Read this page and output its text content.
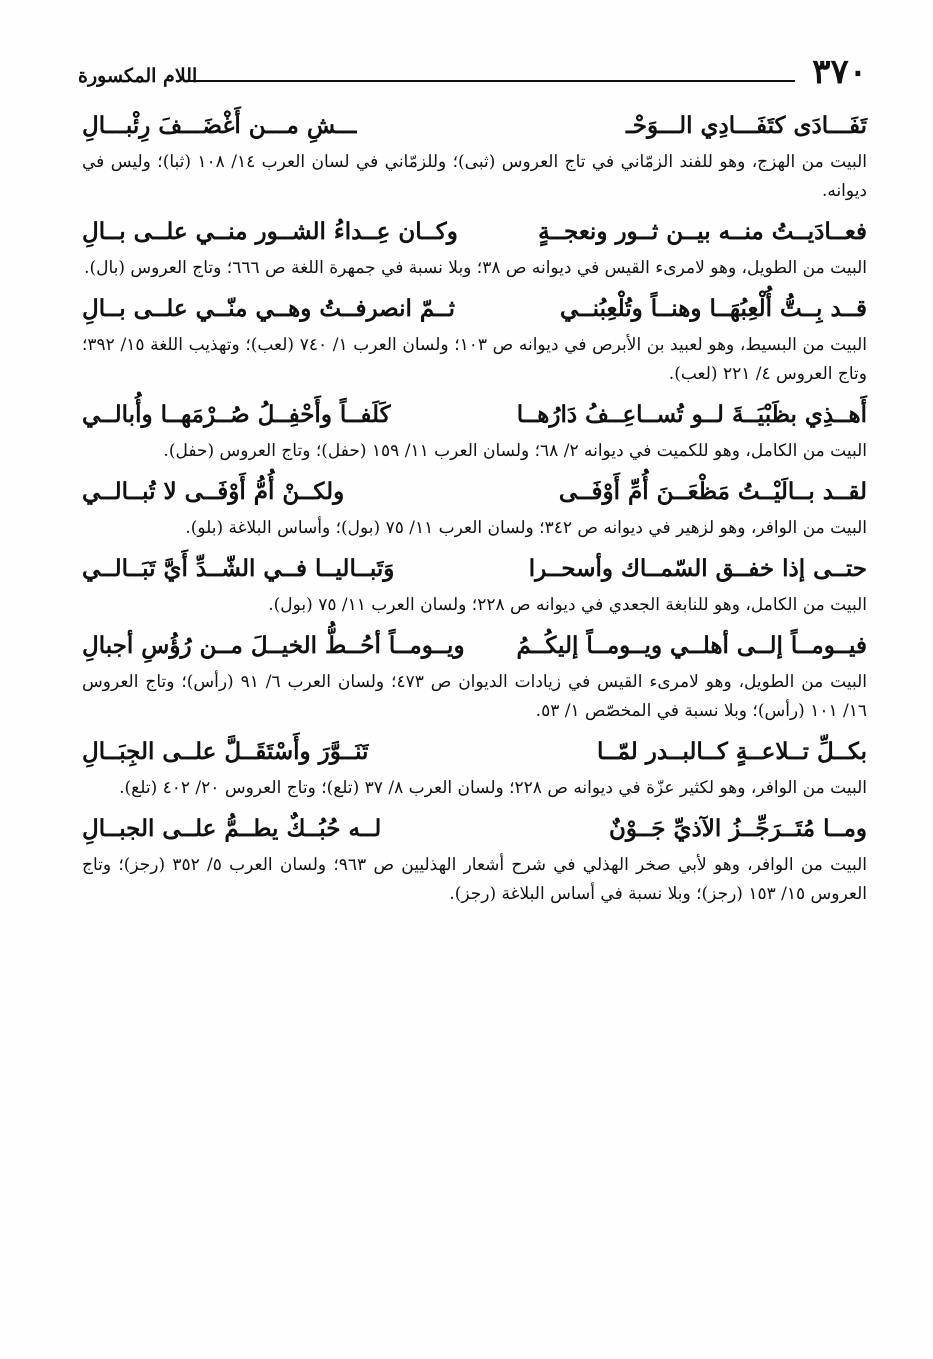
٣٧٠
اللام المكسورة
تَفَـــادَى كتَفَـــادِي الـــوَحْـ
ـــشِ مـــن أَغْضَـــفَ رِئْبـــالِ
البيت من الهزج، وهو للفند الزمّاني في تاج العروس (ثبى)؛ وللزمّاني في لسان العرب ١٤/ ١٠٨ (ثبا)؛ وليس في ديوانه.
فعــادَيــتُ منــه بيــن ثــور ونعجــةٍ
وكــان عِــداءُ الشــور منــي علــى بــالِ
البيت من الطويل، وهو لامرىء القيس في ديوانه ص ٣٨؛ وبلا نسبة في جمهرة اللغة ص ٦٦٦؛ وتاج العروس (بال).
قــد بِــتُّ أُلْعِبُهَــا وهنــاً وتُلْعِبُنــي
ثــمّ انصرفــتُ وهــي منّــي علــى بــالِ
البيت من البسيط، وهو لعبيد بن الأبرص في ديوانه ص ١٠٣؛ ولسان العرب ١/ ٧٤٠ (لعب)؛ وتهذيب اللغة ١٥/ ٣٩٢؛ وتاج العروس ٤/ ٢٢١ (لعب).
أَهــذِي بظَبْيَــةَ لــو تُســاعِــفُ دَارُهــا
كَلَفــاً وأَحْفِــلُ صُــرْمَهــا وأُبالــي
البيت من الكامل، وهو للكميت في ديوانه ٢/ ٦٨؛ ولسان العرب ١١/ ١٥٩ (حفل)؛ وتاج العروس (حفل).
لقــد بــالَيْــتُ مَظْعَــنَ أُمِّ أَوْفَــى
ولكــنْ أُمُّ أَوْفَــى لا تُبــالــي
البيت من الوافر، وهو لزهير في ديوانه ص ٣٤٢؛ ولسان العرب ١١/ ٧٥ (بول)؛ وأساس البلاغة (بلو).
حتــى إذا خفــق السّمــاك وأسحــرا
وَتَبــاليــا فــي الشّــدِّ أَيَّ تَبَــالــي
البيت من الكامل، وهو للنابغة الجعدي في ديوانه ص ٢٢٨؛ ولسان العرب ١١/ ٧٥ (بول).
فيــومــاً إلــى أهلــي ويــومــاً إليكُــمُ
ويــومــاً أحُــطُّ الخيــلَ مــن رُؤُسِ أجبالِ
البيت من الطويل، وهو لامرىء القيس في زيادات الديوان ص ٤٧٣؛ ولسان العرب ٦/ ٩١ (رأس)؛ وتاج العروس ١٦/ ١٠١ (رأس)؛ وبلا نسبة في المخصّص ١/ ٥٣.
بكــلِّ تــلاعــةٍ كــالبــدر لمّــا
تَنَــوَّرَ وأَسْتَقَــلَّ علــى الجِبَــالِ
البيت من الوافر، وهو لكثير عزّة في ديوانه ص ٢٢٨؛ ولسان العرب ٨/ ٣٧ (تلع)؛ وتاج العروس ٢٠/ ٤٠٢ (تلع).
ومــا مُتَــرَجِّــزُ الآذيِّ جَــوْنٌ
لــه حُبُــكٌ يطــمُّ علــى الجبــالِ
البيت من الوافر، وهو لأبي صخر الهذلي في شرح أشعار الهذليين ص ٩٦٣؛ ولسان العرب ٥/ ٣٥٢ (رجز)؛ وتاج العروس ١٥/ ١٥٣ (رجز)؛ وبلا نسبة في أساس البلاغة (رجز).
